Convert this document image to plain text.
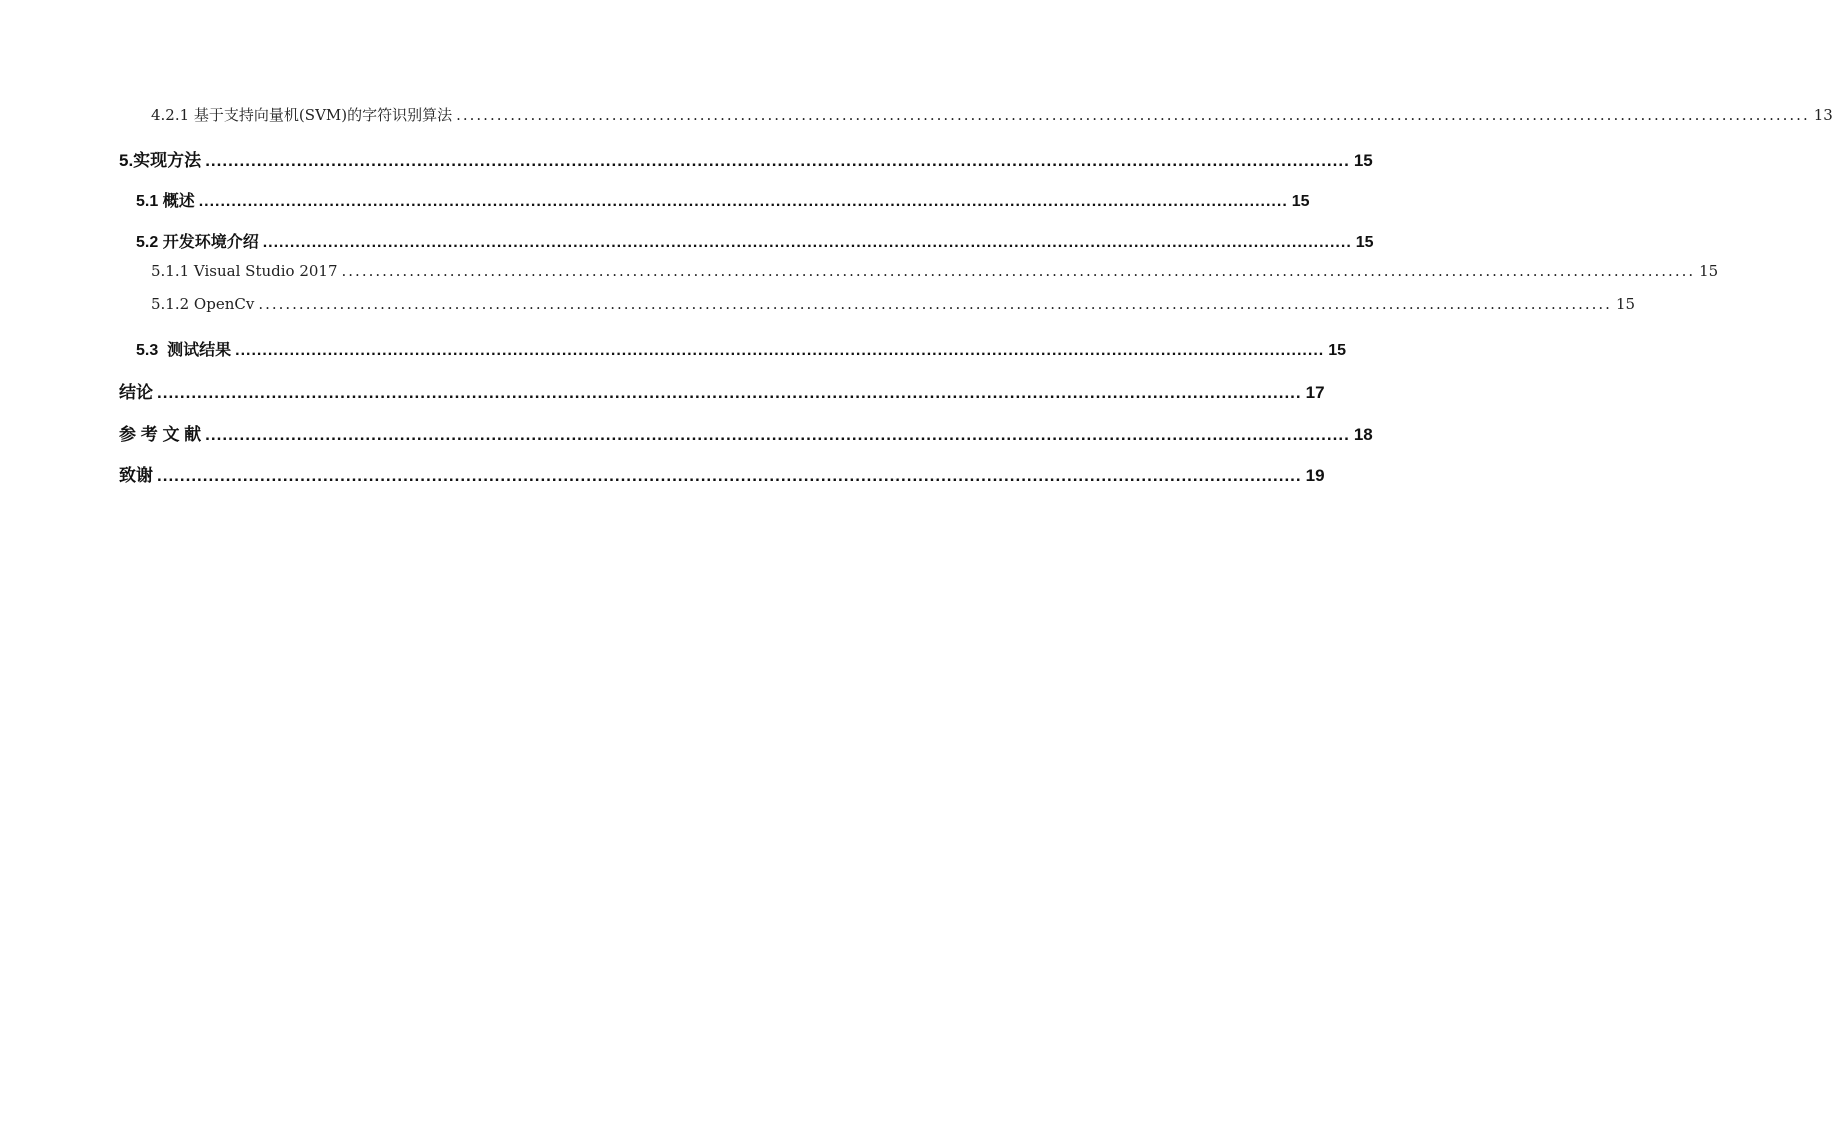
4.2.1 基于支持向量机(SVM)的字符识别算法 ........................................................................................................................................................................................................ 13
5.实现方法 ........................................................................................................................................................................................................ 15
5.1 概述 ........................................................................................................................................................................................................ 15
5.2 开发环境介绍 ........................................................................................................................................................................................................ 15
5.1.1 Visual Studio 2017 ........................................................................................................................................................................................................ 15
5.1.2 OpenCv ........................................................................................................................................................................................................ 15
5.3  测试结果 ........................................................................................................................................................................................................ 15
结论 ........................................................................................................................................................................................................ 17
参 考 文 献 ........................................................................................................................................................................................................ 18
致谢 ........................................................................................................................................................................................................ 19
